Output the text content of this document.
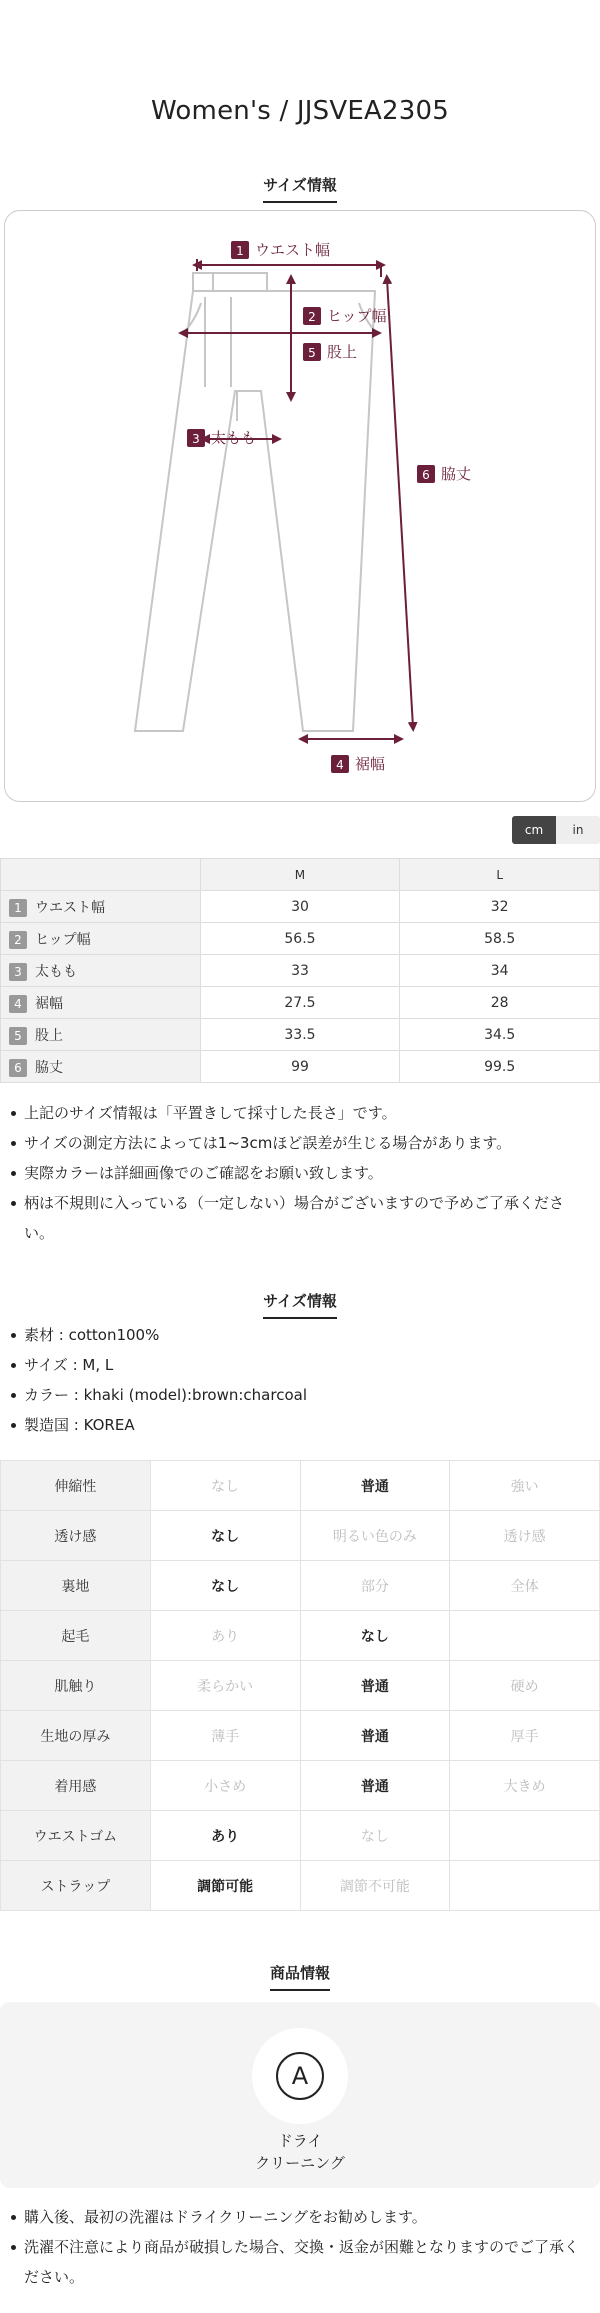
Women's / JJSVEA2305
サイズ情報
1 ウエスト幅
2 ヒップ幅
5 股上
3 太もも
6 脇丈
4 裾幅
cm	in
	M	L
1 ウエスト幅	30	32
2 ヒップ幅	56.5	58.5
3 太もも	33	34
4 裾幅	27.5	28
5 股上	33.5	34.5
6 脇丈	99	99.5
上記のサイズ情報は「平置きして採寸した長さ」です。
サイズの測定方法によっては1~3cmほど誤差が生じる場合があります。
実際カラーは詳細画像でのご確認をお願い致します。
柄は不規則に入っている（一定しない）場合がございますので予めご了承ください。
サイズ情報
素材 : cotton100%
サイズ : M, L
カラー : khaki (model):brown:charcoal
製造国 : KOREA
伸縮性	なし	普通	強い
透け感	なし	明るい色のみ	透け感
裏地	なし	部分	全体
起毛	あり	なし	
肌触り	柔らかい	普通	硬め
生地の厚み	薄手	普通	厚手
着用感	小さめ	普通	大きめ
ウエストゴム	あり	なし	
ストラップ	調節可能	調節不可能	
商品情報
A
ドライ
クリーニング
購入後、最初の洗濯はドライクリーニングをお勧めします。
洗濯不注意により商品が破損した場合、交換・返金が困難となりますのでご了承ください。
